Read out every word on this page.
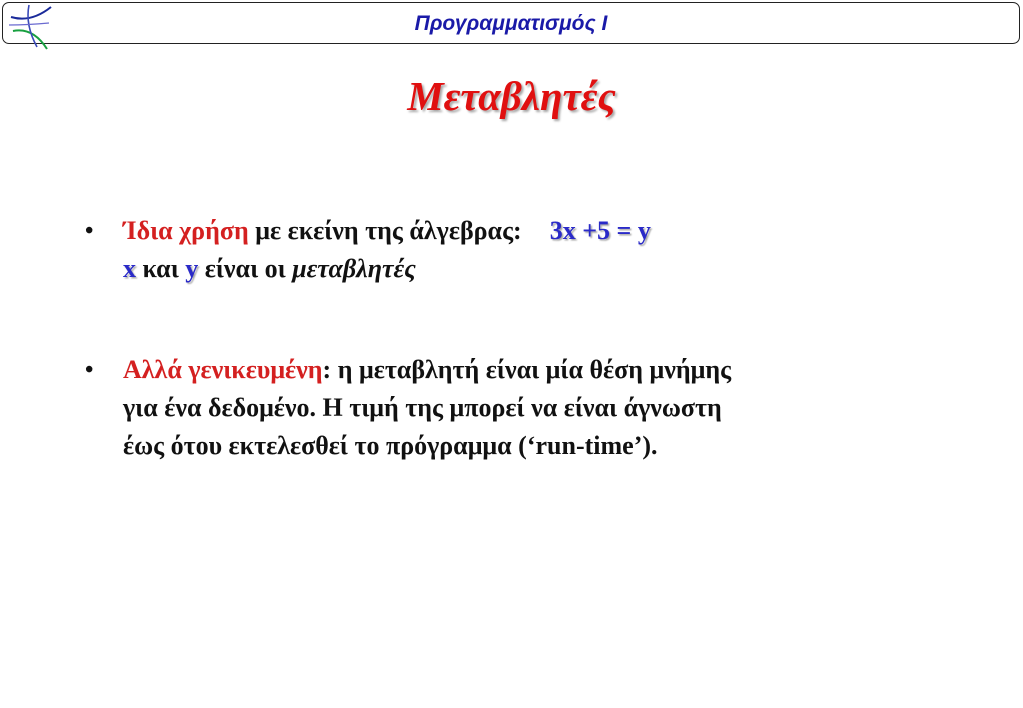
Προγραμματισμός Ι
Μεταβλητές
• Ίδια χρήση με εκείνη της άλγεβρας: 3x +5 = y
x και y είναι οι μεταβλητές
• Αλλά γενικευμένη: η μεταβλητή είναι μία θέση μνήμης
για ένα δεδομένο. Η τιμή της μπορεί να είναι άγνωστη
έως ότου εκτελεσθεί το πρόγραμμα (‘run-time’).
